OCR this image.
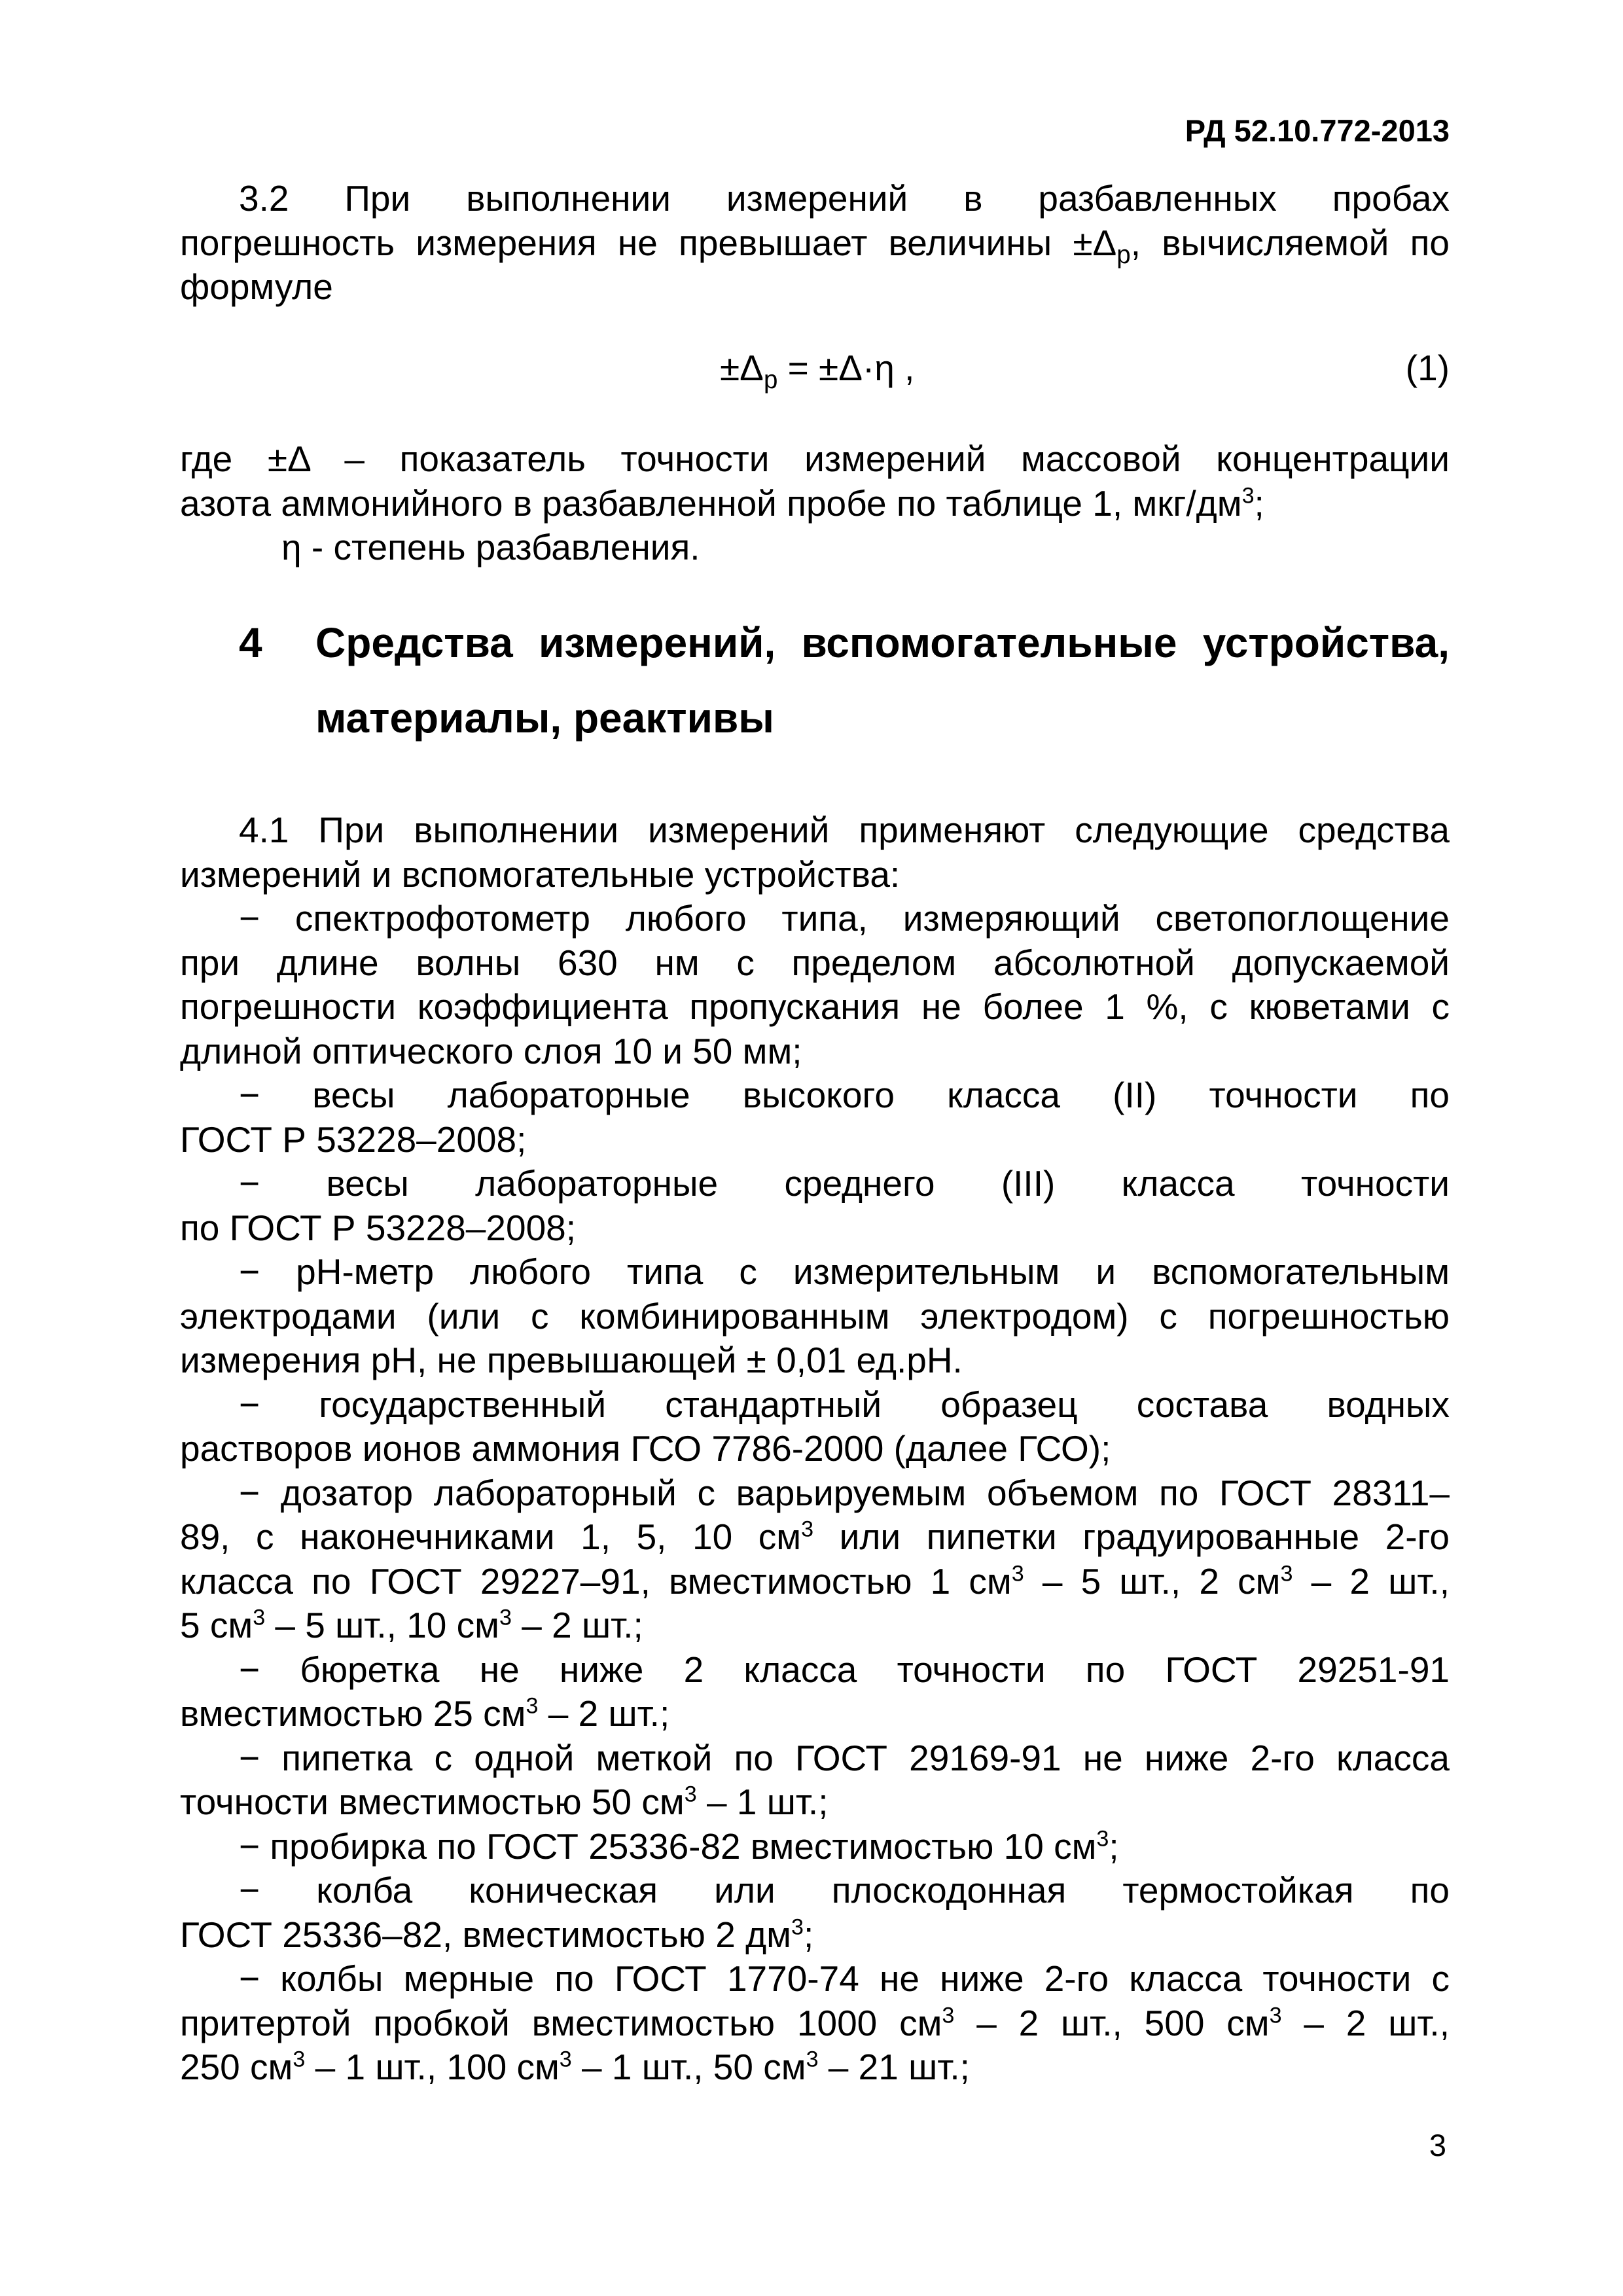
РД 52.10.772-2013

3.2 При выполнении измерений в разбавленных пробах

погрешность измерения не превышает величины $\pm\Delta_р$, вычисляемой по

формуле

$\pm\Delta_р = \pm\Delta\cdot\eta$ ,	(1)

где ±Δ – показатель точности измерений массовой концентрации

азота аммонийного в разбавленной пробе по таблице 1, мкг/$дм^3$;

η - степень разбавления.

4 Средства измерений, вспомогательные устройства,
материалы, реактивы

4.1 При выполнении измерений применяют следующие средства

измерений и вспомогательные устройства:

− спектрофотометр любого типа, измеряющий светопоглощение

при длине волны 630 нм с пределом абсолютной допускаемой

погрешности коэффициента пропускания не более 1 %, с кюветами с

длиной оптического слоя 10 и 50 мм;

− весы лабораторные высокого класса (II) точности по

ГОСТ Р 53228–2008;

− весы лабораторные среднего (III) класса точности

по ГОСТ Р 53228–2008;

− рН-метр любого типа с измерительным и вспомогательным

электродами (или с комбинированным электродом) с погрешностью

измерения рН, не превышающей ± 0,01 ед.рН.

− государственный стандартный образец состава водных

растворов ионов аммония ГСО 7786-2000 (далее ГСО);

− дозатор лабораторный с варьируемым объемом по ГОСТ 28311–

89, с наконечниками 1, 5, 10 $см^3$ или пипетки градуированные 2-го

класса по ГОСТ 29227–91, вместимостью 1 $см^3 - 5$ шт., 2 $см^3 - 2$ шт.,

5 $см^3 - 5$ шт., 10 $см^3 - 2$ шт.;

− бюретка не ниже 2 класса точности по ГОСТ 29251-91

вместимостью 25 $см^3 - 2$ шт.;

− пипетка с одной меткой по ГОСТ 29169-91 не ниже 2-го класса

точности вместимостью 50 $см^3 - 1$ шт.;

− пробирка по ГОСТ 25336-82 вместимостью 10 $см^3$;

− колба коническая или плоскодонная термостойкая по

ГОСТ 25336–82, вместимостью 2 $дм^3$;

− колбы мерные по ГОСТ 1770-74 не ниже 2-го класса точности с

притертой пробкой вместимостью 1000 $см^3 - 2$ шт., 500 $см^3 - 2$ шт.,

250 $см^3 - 1$ шт., 100 $см^3 - 1$ шт., 50 $см^3 - 21$ шт.;

3
